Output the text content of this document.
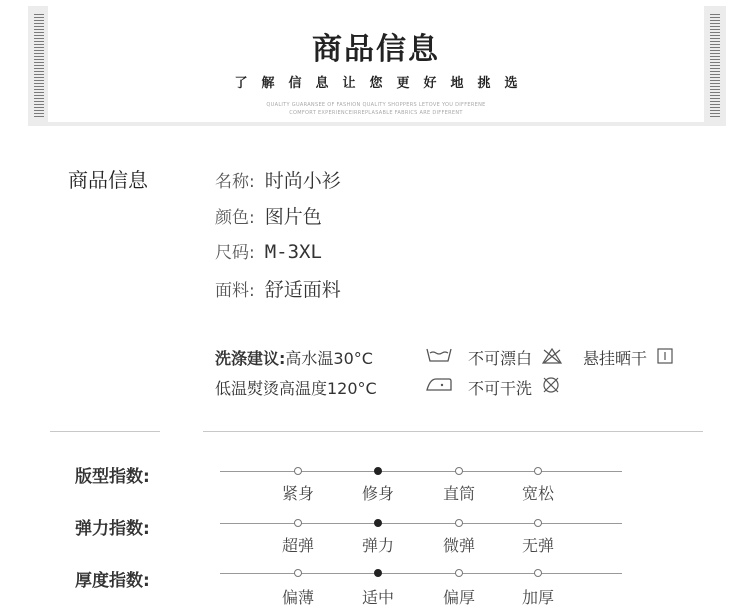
商品信息
了解信息让您更好地挑选
QUALITY GUARANSEE OF FASHION QUALITY SHOPPERS LETOVE YOU DIFFERENE
COMFORT EXPERIENCEIRREPLASABLE FABRICS ARE DIFFERENT
商品信息	名称: 时尚小衫
颜色: 图片色
尺码: M-3XL
面料: 舒适面料
洗涤建议:高水温30°C
低温熨烫高温度120°C
不可漂白	悬挂晒干
不可干洗
版型指数:
紧身	修身	直筒	宽松
弹力指数:
超弹	弹力	微弹	无弹
厚度指数:
偏薄	适中	偏厚	加厚
